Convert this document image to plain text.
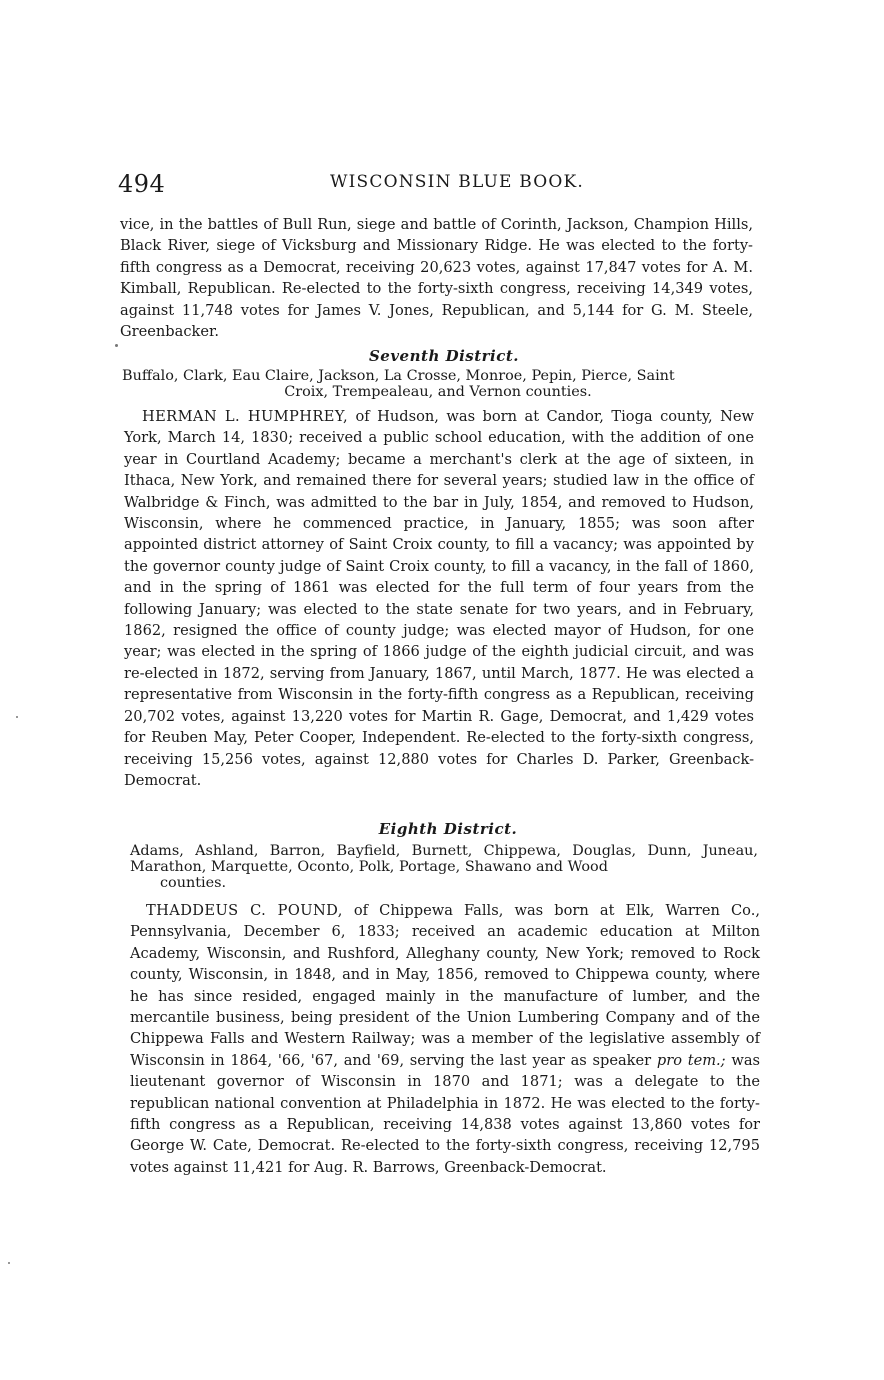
494	WISCONSIN BLUE BOOK.

vice, in the battles of Bull Run, siege and battle of Corinth, Jackson, Champion Hills, Black River, siege of Vicksburg and Missionary Ridge. He was elected to the forty-fifth congress as a Democrat, receiving 20,623 votes, against 17,847 votes for A. M. Kimball, Republican. Re-elected to the forty-sixth congress, receiving 14,349 votes, against 11,748 votes for James V. Jones, Republican, and 5,144 for G. M. Steele, Greenbacker.

Seventh District.

Buffalo, Clark, Eau Claire, Jackson, La Crosse, Monroe, Pepin, Pierce, Saint
Croix, Trempealeau, and Vernon counties.

HERMAN L. HUMPHREY, of Hudson, was born at Candor, Tioga county, New York, March 14, 1830; received a public school education, with the addition of one year in Courtland Academy; became a merchant's clerk at the age of sixteen, in Ithaca, New York, and remained there for several years; studied law in the office of Walbridge & Finch, was admitted to the bar in July, 1854, and removed to Hudson, Wisconsin, where he commenced practice, in January, 1855; was soon after appointed district attorney of Saint Croix county, to fill a vacancy; was appointed by the governor county judge of Saint Croix county, to fill a vacancy, in the fall of 1860, and in the spring of 1861 was elected for the full term of four years from the following January; was elected to the state senate for two years, and in February, 1862, resigned the office of county judge; was elected mayor of Hudson, for one year; was elected in the spring of 1866 judge of the eighth judicial circuit, and was re-elected in 1872, serving from January, 1867, until March, 1877. He was elected a representative from Wisconsin in the forty-fifth congress as a Republican, receiving 20,702 votes, against 13,220 votes for Martin R. Gage, Democrat, and 1,429 votes for Reuben May, Peter Cooper, Independent. Re-elected to the forty-sixth congress, receiving 15,256 votes, against 12,880 votes for Charles D. Parker, Greenback-Democrat.

Eighth District.

Adams, Ashland, Barron, Bayfield, Burnett, Chippewa, Douglas, Dunn, Juneau, Marathon, Marquette, Oconto, Polk, Portage, Shawano and Wood
counties.

THADDEUS C. POUND, of Chippewa Falls, was born at Elk, Warren Co., Pennsylvania, December 6, 1833; received an academic education at Milton Academy, Wisconsin, and Rushford, Alleghany county, New York; removed to Rock county, Wisconsin, in 1848, and in May, 1856, removed to Chippewa county, where he has since resided, engaged mainly in the manufacture of lumber, and the mercantile business, being president of the Union Lumbering Company and of the Chippewa Falls and Western Railway; was a member of the legislative assembly of Wisconsin in 1864, '66, '67, and '69, serving the last year as speaker pro tem.; was lieutenant governor of Wisconsin in 1870 and 1871; was a delegate to the republican national convention at Philadelphia in 1872. He was elected to the forty-fifth congress as a Republican, receiving 14,838 votes against 13,860 votes for George W. Cate, Democrat. Re-elected to the forty-sixth congress, receiving 12,795 votes against 11,421 for Aug. R. Barrows, Greenback-Democrat.
